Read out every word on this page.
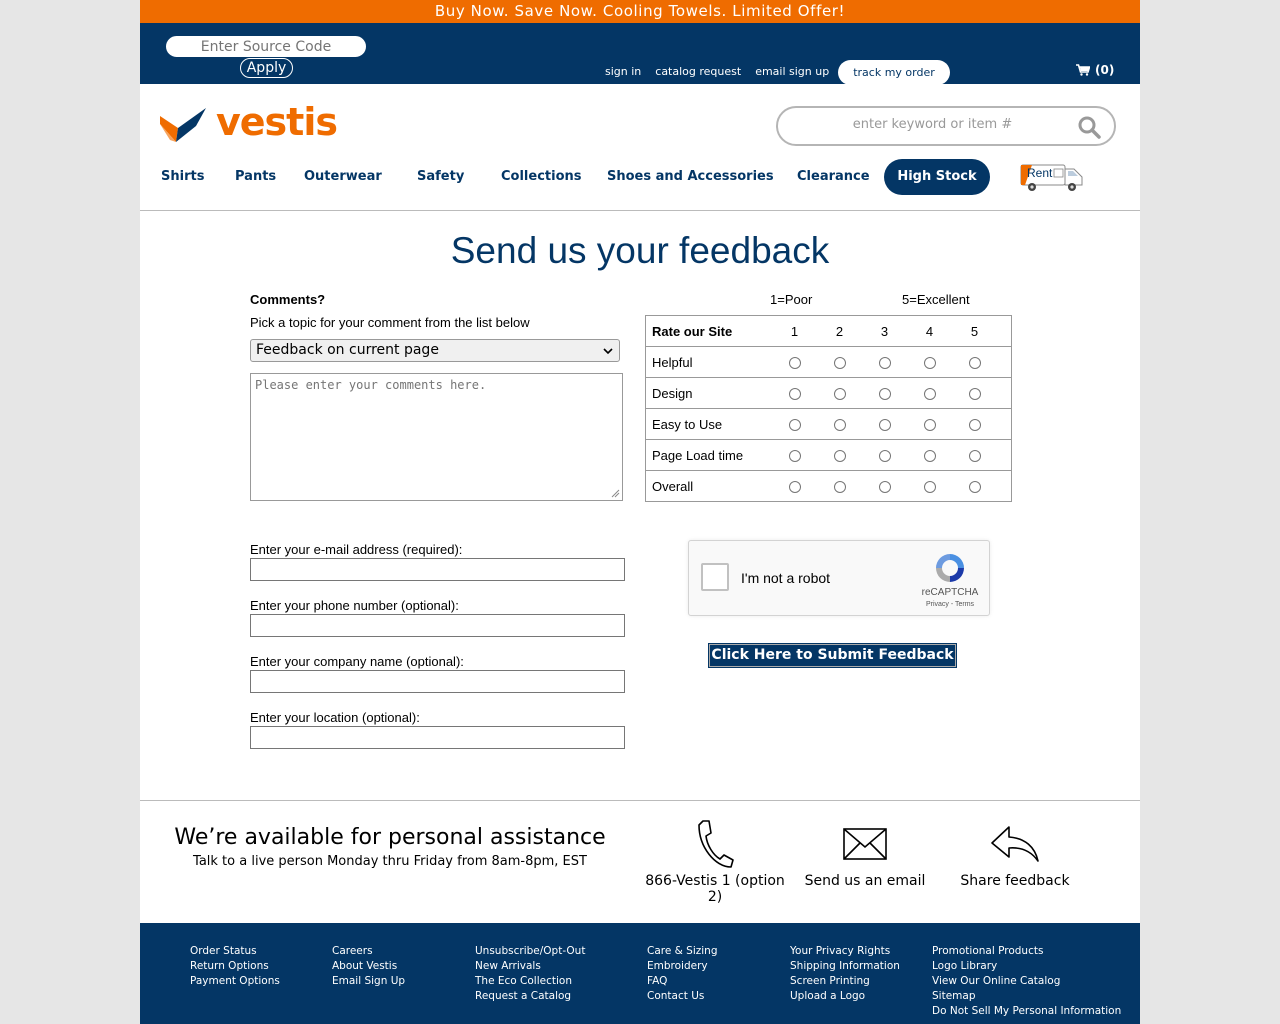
Buy Now. Save Now. Cooling Towels. Limited Offer!
Enter Source Code
Apply	sign in catalog request email sign up	track my order	(0)
vestis
enter keyword or item #
Shirts Pants Outerwear	Safety	Collections Shoes and Accessories Clearance	High Stock	Rent
Send us your feedback
Comments?
Pick a topic for your comment from the list below
Feedback on current page
Please enter your comments here.
1=Poor	5=Excellent
Rate our Site	1	2	3	4	5	
Helpful						
Design						
Easy to Use						
Page Load time						
Overall						
Enter your e-mail address (required):
Enter your phone number (optional):
Enter your company name (optional):
Enter your location (optional):
I'm not a robot
reCAPTCHA
Privacy - Terms
Click Here to Submit Feedback
We’re available for personal assistance
Talk to a live person Monday thru Friday from 8am-8pm, EST
866-Vestis 1 (option 2)
Send us an email	Share feedback
Order Status
Return Options
Payment Options
Careers
About Vestis
Email Sign Up
Unsubscribe/Opt-Out
New Arrivals
The Eco Collection
Request a Catalog
Care & Sizing
Embroidery
FAQ
Contact Us
Your Privacy Rights
Shipping Information
Screen Printing
Upload a Logo
Promotional Products
Logo Library
View Our Online Catalog
Sitemap
Do Not Sell My Personal Information
